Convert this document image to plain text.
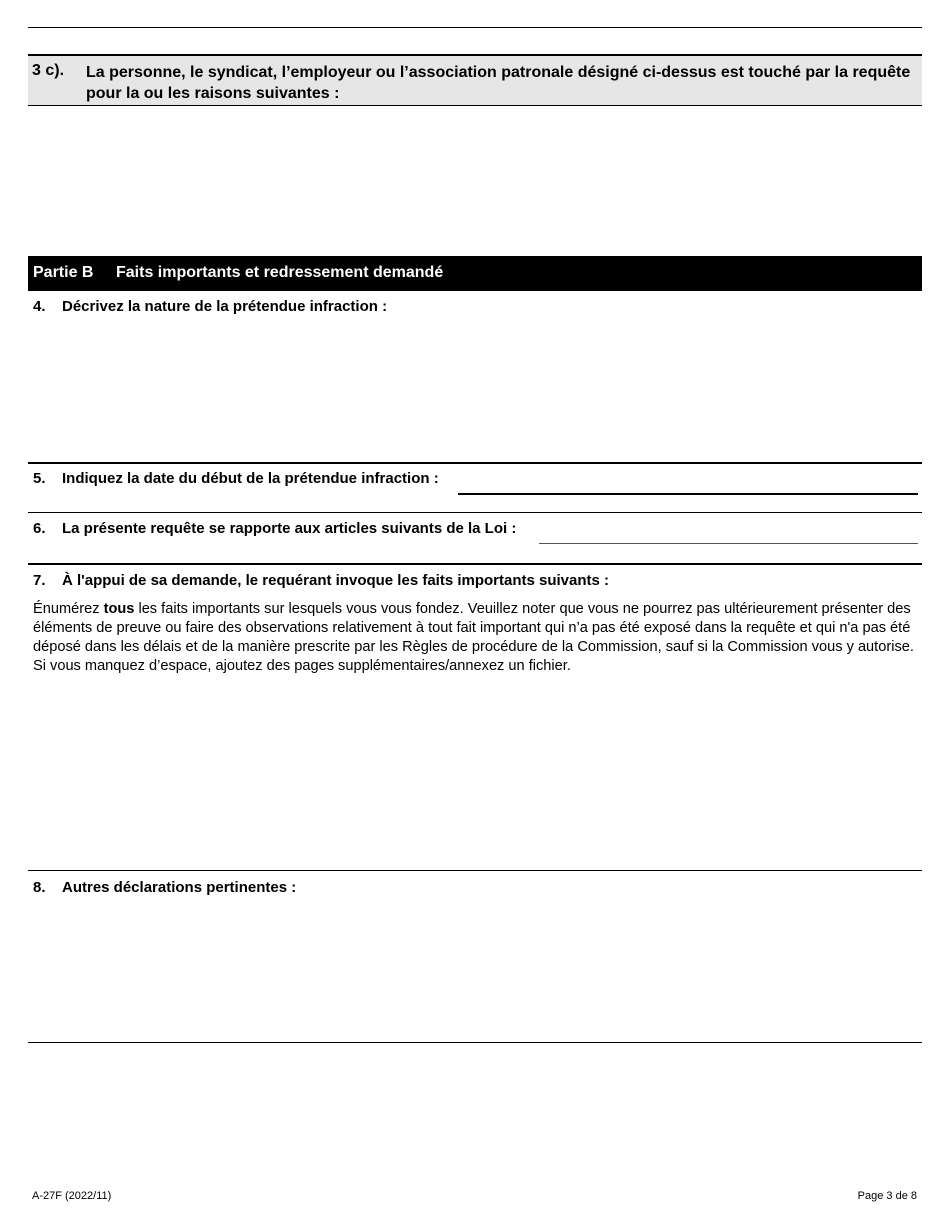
3 c). La personne, le syndicat, l’employeur ou l’association patronale désigné ci-dessus est touché par la requête pour la ou les raisons suivantes :
Partie B Faits importants et redressement demandé
4. Décrivez la nature de la prétendue infraction :
5. Indiquez la date du début de la prétendue infraction :
6. La présente requête se rapporte aux articles suivants de la Loi :
7. À l'appui de sa demande, le requérant invoque les faits importants suivants :
Énumérez tous les faits importants sur lesquels vous vous fondez. Veuillez noter que vous ne pourrez pas ultérieurement présenter des éléments de preuve ou faire des observations relativement à tout fait important qui n’a pas été exposé dans la requête et qui n'a pas été déposé dans les délais et de la manière prescrite par les Règles de procédure de la Commission, sauf si la Commission vous y autorise. Si vous manquez d’espace, ajoutez des pages supplémentaires/annexez un fichier.
8. Autres déclarations pertinentes :
A-27F (2022/11)	Page 3 de 8
